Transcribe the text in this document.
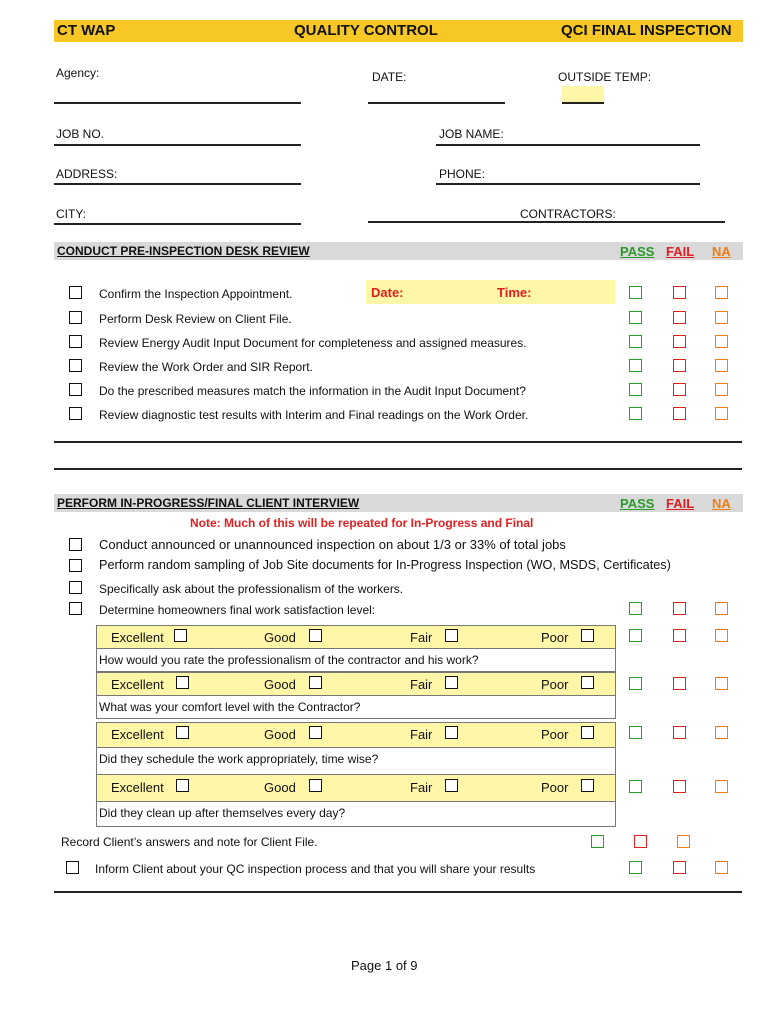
CT WAP	QUALITY CONTROL	QCI FINAL INSPECTION
Agency:	DATE:	OUTSIDE TEMP:
JOB NO.	JOB NAME:
ADDRESS:	PHONE:
CITY:	CONTRACTORS:
CONDUCT PRE-INSPECTION DESK REVIEW	PASS FAIL NA
Date:	Time:
Confirm the Inspection Appointment.
Perform Desk Review on Client File.
Review Energy Audit Input Document for completeness and assigned measures.
Review the Work Order and SIR Report.
Do the prescribed measures match the information in the Audit Input Document?
Review diagnostic test results with Interim and Final readings on the Work Order.
PERFORM IN-PROGRESS/FINAL CLIENT INTERVIEW	PASS FAIL NA
Note: Much of this will be repeated for In-Progress and Final
Conduct announced or unannounced inspection on about 1/3 or 33% of total jobs
Perform random sampling of Job Site documents for In-Progress Inspection (WO, MSDS, Certificates)
Specifically ask about the professionalism of the workers.
Determine homeowners final work satisfaction level:
Excellent	Good	Fair	Poor
How would you rate the professionalism of the contractor and his work?
Excellent	Good	Fair	Poor
What was your comfort level with the Contractor?
Excellent	Good	Fair	Poor
Did they schedule the work appropriately, time wise?
Excellent	Good	Fair	Poor
Did they clean up after themselves every day?
Record Client’s answers and note for Client File.
Inform Client about your QC inspection process and that you will share your results
Page 1 of 9
